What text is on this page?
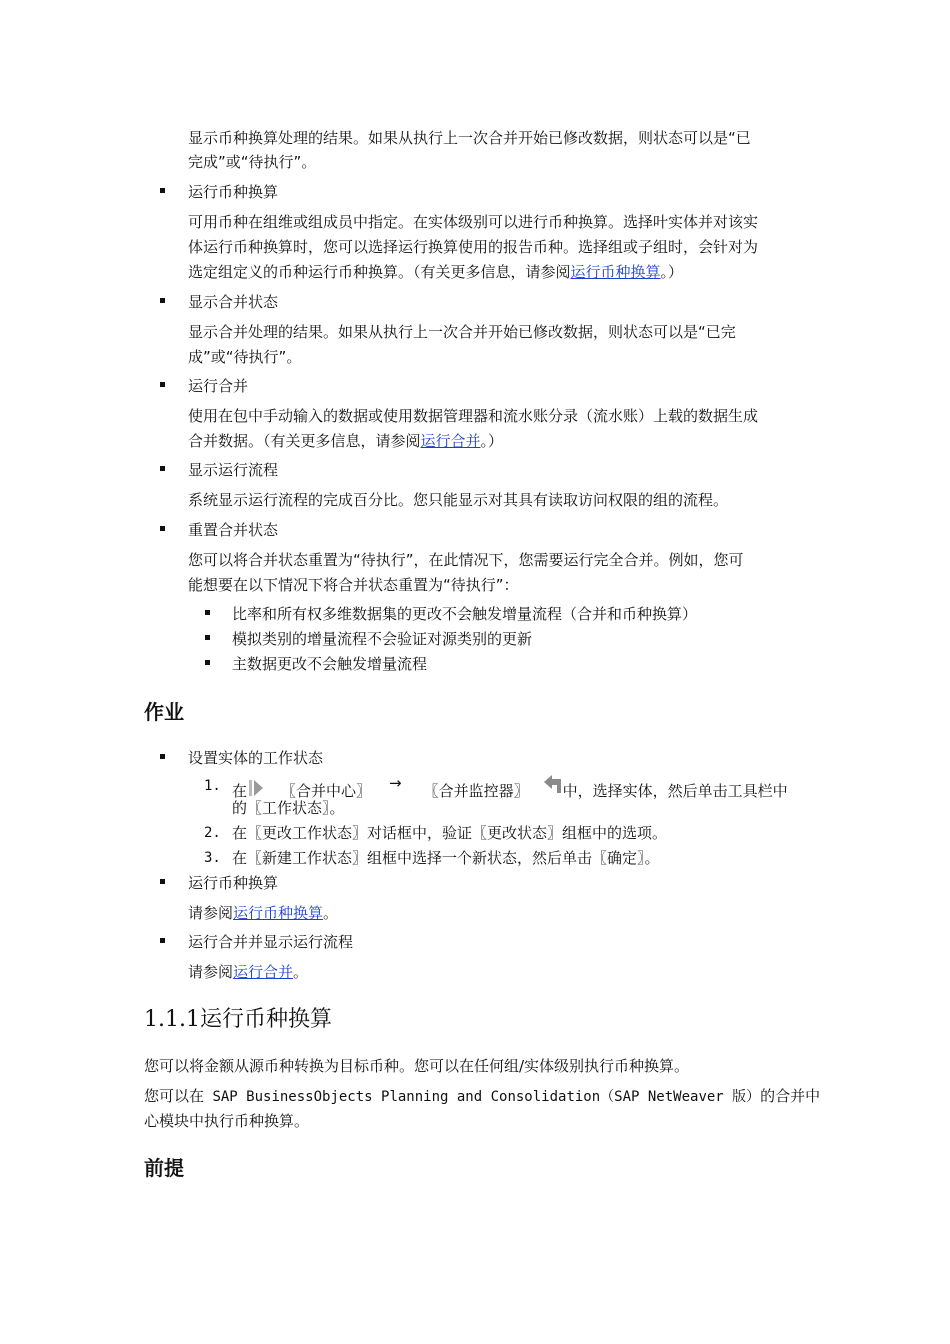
显示币种换算处理的结果。如果从执行上一次合并开始已修改数据，则状态可以是“已
完成”或“待执行”。
运行币种换算
可用币种在组维或组成员中指定。在实体级别可以进行币种换算。选择叶实体并对该实
体运行币种换算时，您可以选择运行换算使用的报告币种。选择组或子组时，会针对为
选定组定义的币种运行币种换算。（有关更多信息，请参阅运行币种换算。）
显示合并状态
显示合并处理的结果。如果从执行上一次合并开始已修改数据，则状态可以是“已完
成”或“待执行”。
运行合并
使用在包中手动输入的数据或使用数据管理器和流水账分录（流水账）上载的数据生成
合并数据。（有关更多信息，请参阅运行合并。）
显示运行流程
系统显示运行流程的完成百分比。您只能显示对其具有读取访问权限的组的流程。
重置合并状态
您可以将合并状态重置为“待执行”，在此情况下，您需要运行完全合并。例如，您可
能想要在以下情况下将合并状态重置为“待执行”：
比率和所有权多维数据集的更改不会触发增量流程（合并和币种换算）
模拟类别的增量流程不会验证对源类别的更新
主数据更改不会触发增量流程
作业
设置实体的工作状态
1. 在 〖合并中心〗 → 〖合并监控器〗 中，选择实体，然后单击工具栏中
的〖工作状态〗。
2. 在〖更改工作状态〗对话框中，验证〖更改状态〗组框中的选项。
3. 在〖新建工作状态〗组框中选择一个新状态，然后单击〖确定〗。
运行币种换算
请参阅运行币种换算。
运行合并并显示运行流程
请参阅运行合并。
1.1.1运行币种换算
您可以将金额从源币种转换为目标币种。您可以在任何组/实体级别执行币种换算。
您可以在 SAP BusinessObjects Planning and Consolidation（SAP NetWeaver 版）的合并中
心模块中执行币种换算。
前提
